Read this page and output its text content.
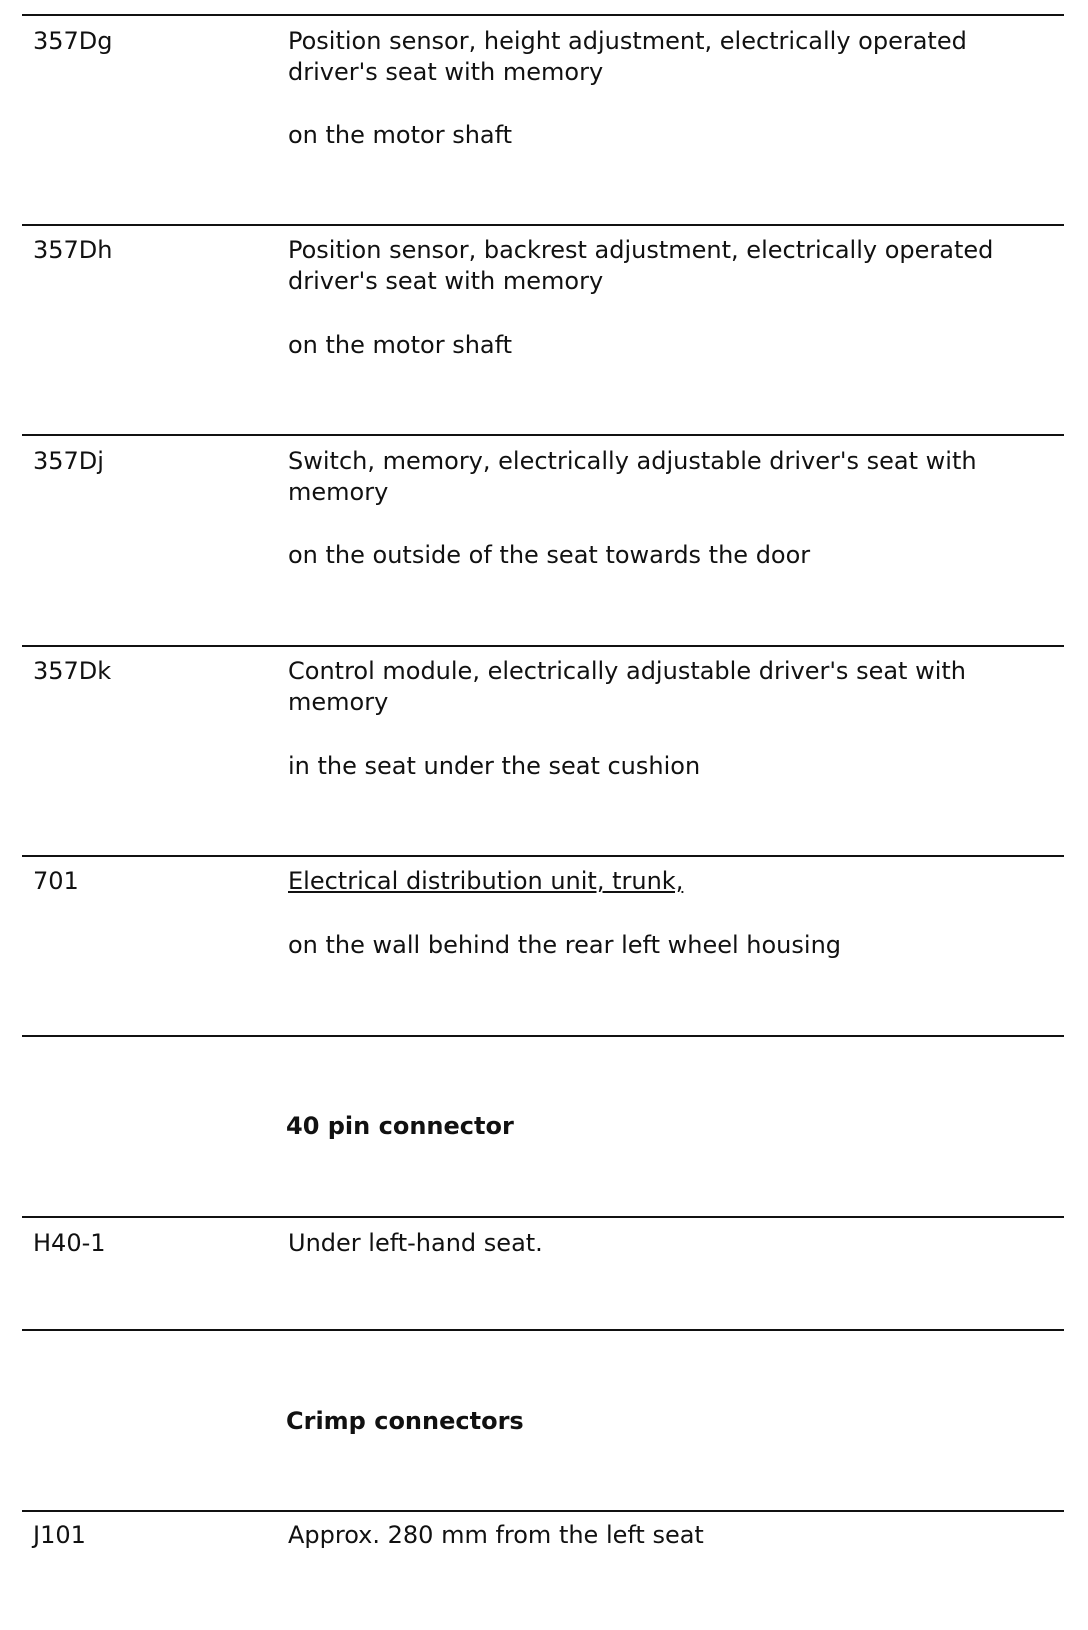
357Dg	Position sensor, height adjustment, electrically operated driver's seat with memory
on the motor shaft
357Dh	Position sensor, backrest adjustment, electrically operated driver's seat with memory
on the motor shaft
357Dj	Switch, memory, electrically adjustable driver's seat with memory
on the outside of the seat towards the door
357Dk	Control module, electrically adjustable driver's seat with memory
in the seat under the seat cushion
701	Electrical distribution unit, trunk,
on the wall behind the rear left wheel housing
40 pin connector
H40-1	Under left-hand seat.
Crimp connectors
J101	Approx. 280 mm from the left seat
